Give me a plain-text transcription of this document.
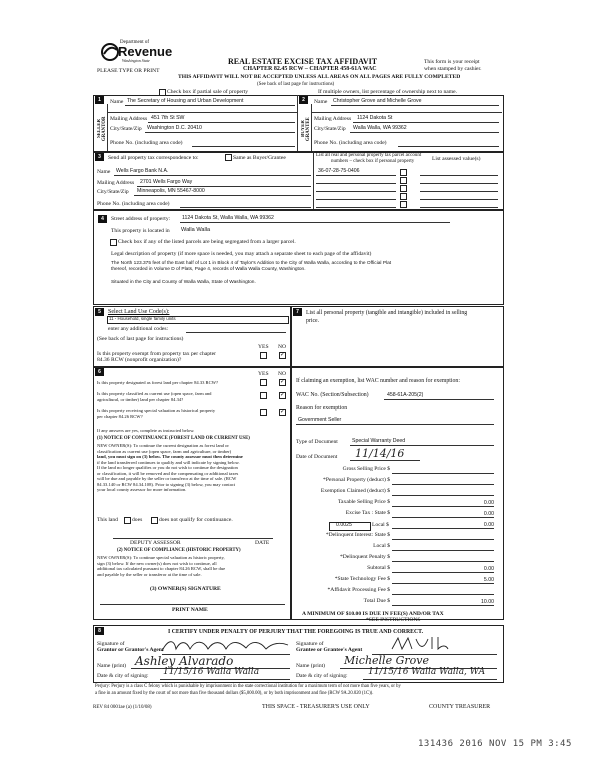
Department of
Revenue
Washington State
PLEASE TYPE OR PRINT
REAL ESTATE EXCISE TAX AFFIDAVIT
CHAPTER 82.45 RCW – CHAPTER 458-61A WAC
THIS AFFIDAVIT WILL NOT BE ACCEPTED UNLESS ALL AREAS ON ALL PAGES ARE FULLY COMPLETED
(See back of last page for instructions)
This form is your receipt
when stamped by cashier.
Check box if partial sale of property	If multiple owners, list percentage of ownership next to name.
1
SELLER GRANTOR
Name The Secretary of Housing and Urban Development
Mailing Address 451 7th St SW
City/State/Zip Washington D.C. 20410
Phone No. (including area code)
2
BUYER GRANTEE
Name Christopher Grove and Michelle Grove
Mailing Address 1124 Dakota St
City/State/Zip Walla Walla, WA 99362
Phone No. (including area code)
3	Send all property tax correspondence to:	Same as Buyer/Grantee
Name Wells Fargo Bank N.A.
Mailing Address 2701 Wells Fargo Way
City/State/Zip Minneapolis, MN 55467-8000
Phone No. (including area code)
List all real and personal property tax parcel account
numbers – check box if personal property	List assessed value(s)
36-07-28-75-0406
4	Street address of property: 1124 Dakota St, Walla Walla, WA 99362
This property is located in Walla Walla
Check box if any of the listed parcels are being segregated from a larger parcel.
Legal description of property (if more space is needed, you may attach a separate sheet to each page of the affidavit)
The North 123.375 feet of the East half of Lot 1 in Block 4 of Taylor's Addition to the City of Walla Walla, according to the Official Plat
thereof, recorded in Volume D of Plats, Page 4, records of Walla Walla County, Washington.
Situated in the City and County of Walla Walla, State of Washington.
5	Select Land Use Code(s):
11 - Household, single family units
enter any additional codes:
(See back of last page for instructions)
YES NO
Is this property exempt from property tax per chapter
84.36 RCW (nonprofit organization)?
✓
7	List all personal property (tangible and intangible) included in selling
price.
6	YES NO
Is this property designated as forest land per chapter 84.33 RCW?
✓
Is this property classified as current use (open space, farm and
agricultural, or timber) land per chapter 84.34?
✓
Is this property receiving special valuation as historical property
per chapter 84.26 RCW?
✓
If any answers are yes, complete as instructed below.
(1) NOTICE OF CONTINUANCE (FOREST LAND OR CURRENT USE)
NEW OWNER(S): To continue the current designation as forest land or
classification as current use (open space, farm and agriculture, or timber)
land, you must sign on (3) below. The county assessor must then determine
if the land transferred continues to qualify and will indicate by signing below.
If the land no longer qualifies or you do not wish to continue the designation
or classification, it will be removed and the compensating or additional taxes
will be due and payable by the seller or transferor at the time of sale. (RCW
84.33.140 or RCW 84.34.108). Prior to signing (3) below, you may contact
your local county assessor for more information.
This land	does	does not qualify for continuance.
DEPUTY ASSESSOR	DATE
(2) NOTICE OF COMPLIANCE (HISTORIC PROPERTY)
NEW OWNER(S): To continue special valuation as historic property,
sign (3) below. If the new owner(s) does not wish to continue, all
additional tax calculated pursuant to chapter 84.26 RCW, shall be due
and payable by the seller or transferor at the time of sale.
(3) OWNER(S) SIGNATURE
PRINT NAME
If claiming an exemption, list WAC number and reason for exemption:
WAC No. (Section/Subsection)	458-61A-205(2)
Reason for exemption
Government Seller
Type of Document	Special Warranty Deed
Date of Document 11/14/16
Gross Selling Price $
*Personal Property (deduct) $
Exemption Claimed (deduct) $
Taxable Selling Price $	0.00
Excise Tax : State $	0.00
0.0025	Local $	0.00
*Delinquent Interest: State $
Local $
*Delinquent Penalty $
Subtotal $	0.00
*State Technology Fee $	5.00
*Affidavit Processing Fee $
Total Due $	10.00
A MINIMUM OF $10.00 IS DUE IN FEE(S) AND/OR TAX
*SEE INSTRUCTIONS
8	I CERTIFY UNDER PENALTY OF PERJURY THAT THE FOREGOING IS TRUE AND CORRECT.
Signature of
Grantor or Grantor's Agent
Name (print) Ashley Alvarado
Date & city of signing: 11/15/16 Walla Walla
Signature of
Grantee or Grantee's Agent
Name (print) Michelle Grove
Date & city of signing: 11/15/16 Walla Walla, WA
Perjury: Perjury is a class C felony which is punishable by imprisonment in the state correctional institution for a maximum term of not more than five years, or by
a fine in an amount fixed by the court of not more than five thousand dollars ($5,000.00), or by both imprisonment and fine (RCW 9A.20.020 (1C)).
REV 84 0001ae (a) (1/10/08)	THIS SPACE - TREASURER'S USE ONLY	COUNTY TREASURER
131436 2016 NOV 15 PM 3:45
